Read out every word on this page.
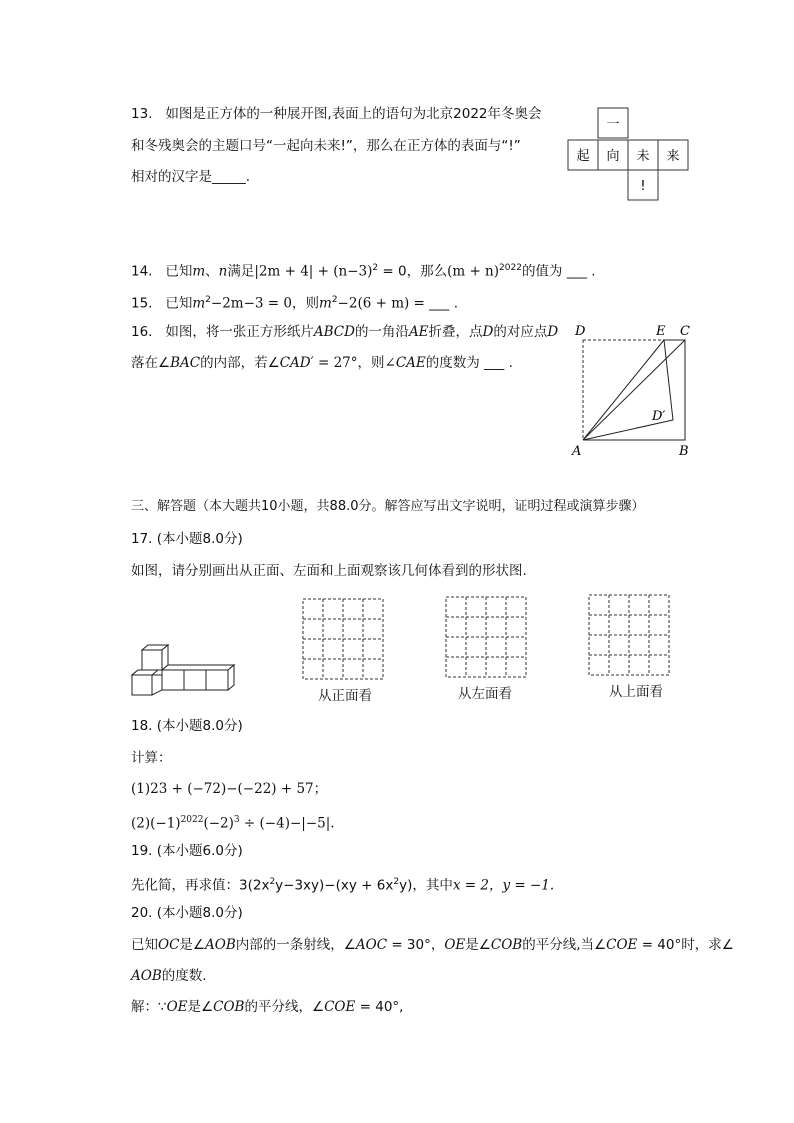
13. 如图是正方体的一种展开图,表面上的语句为北京2022年冬奥会
和冬残奥会的主题口号“一起向未来!”，那么在正方体的表面与“!”
相对的汉字是_____.
一
起 向 未 来
!
14. 已知m、n满足$|2m + 4| + (n-3)^2 = 0$，那么$(m + n)^{2022}$的值为 ___ .
15. 已知$m^2-2m-3 = 0$，则$m^2-2(6 + m)$ = ___ .
16. 如图，将一张正方形纸片ABCD的一角沿AE折叠，点D的对应点D
落在∠BAC的内部，若∠CAD′ = 27°，则∠CAE的度数为 ___ .
D	E C
D′
A	B
三、解答题（本大题共10小题，共88.0分。解答应写出文字说明，证明过程或演算步骤）
17. (本小题8.0分)
如图，请分别画出从正面、左面和上面观察该几何体看到的形状图.
从正面看	从左面看	从上面看
18. (本小题8.0分)
计算：
(1)23 + (−72)−(−22) + 57；
$(2)(-1)^{2022}(-2)^3 \div (-4)-|-5|$.
19. (本小题6.0分)
先化简，再求值：$3(2x^2y-3xy)-(xy + 6x^2y)$，其中x = 2，y = −1.
20. (本小题8.0分)
已知OC是∠AOB内部的一条射线，∠AOC = 30°，OE是∠COB的平分线,当∠COE = 40°时，求∠
AOB的度数.
解：∵OE是∠COB的平分线，∠COE = 40°,
